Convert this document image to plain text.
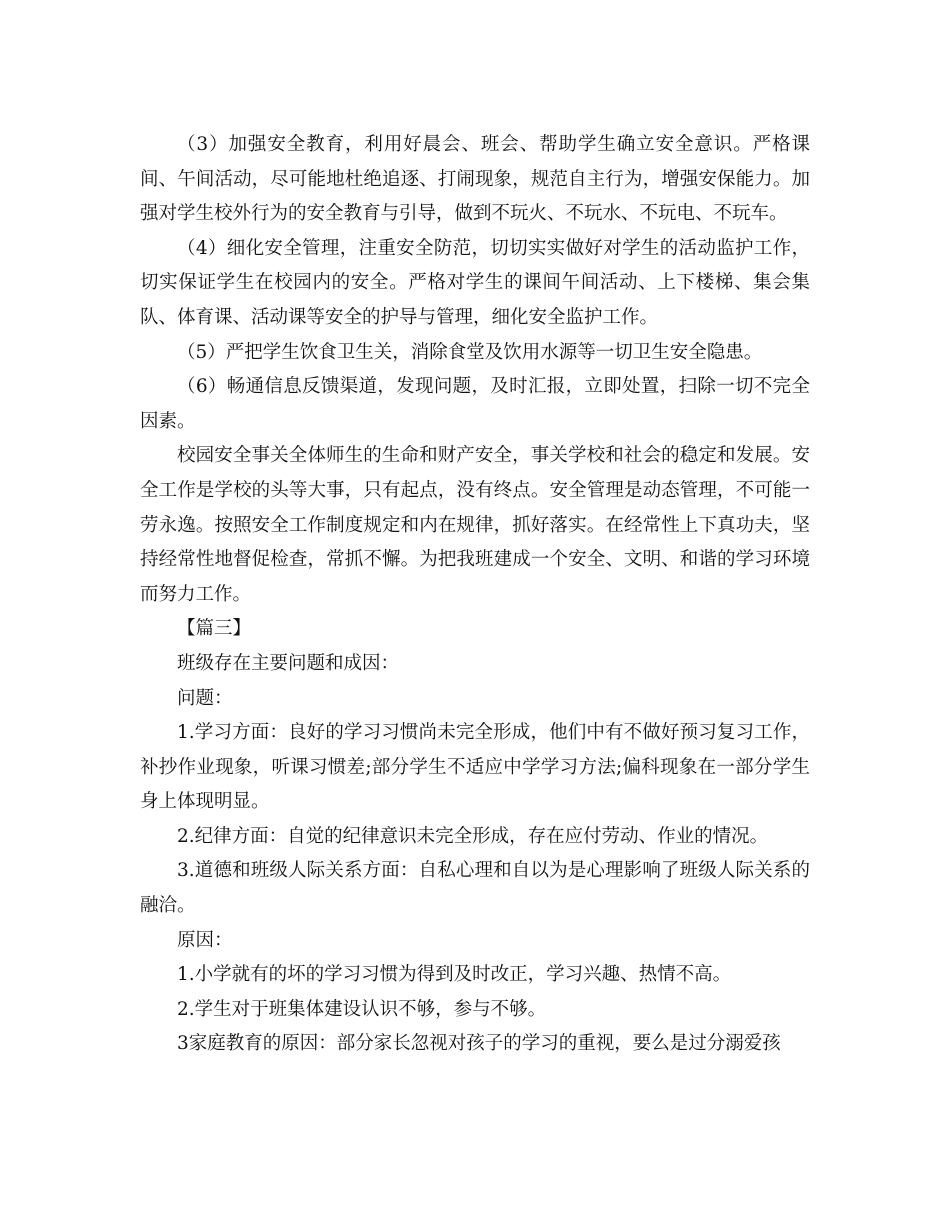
（3）加强安全教育，利用好晨会、班会、帮助学生确立安全意识。严格课间、午间活动，尽可能地杜绝追逐、打闹现象，规范自主行为，增强安保能力。加强对学生校外行为的安全教育与引导，做到不玩火、不玩水、不玩电、不玩车。

（4）细化安全管理，注重安全防范，切切实实做好对学生的活动监护工作，切实保证学生在校园内的安全。严格对学生的课间午间活动、上下楼梯、集会集队、体育课、活动课等安全的护导与管理，细化安全监护工作。

（5）严把学生饮食卫生关，消除食堂及饮用水源等一切卫生安全隐患。

（6）畅通信息反馈渠道，发现问题，及时汇报，立即处置，扫除一切不完全因素。

校园安全事关全体师生的生命和财产安全，事关学校和社会的稳定和发展。安全工作是学校的头等大事，只有起点，没有终点。安全管理是动态管理，不可能一劳永逸。按照安全工作制度规定和内在规律，抓好落实。在经常性上下真功夫，坚持经常性地督促检查，常抓不懈。为把我班建成一个安全、文明、和谐的学习环境而努力工作。

【篇三】

班级存在主要问题和成因：

问题：

1.学习方面：良好的学习习惯尚未完全形成，他们中有不做好预习复习工作，补抄作业现象，听课习惯差;部分学生不适应中学学习方法;偏科现象在一部分学生身上体现明显。

2.纪律方面：自觉的纪律意识未完全形成，存在应付劳动、作业的情况。

3.道德和班级人际关系方面：自私心理和自以为是心理影响了班级人际关系的融洽。

原因：

1.小学就有的坏的学习习惯为得到及时改正，学习兴趣、热情不高。

2.学生对于班集体建设认识不够，参与不够。

3家庭教育的原因：部分家长忽视对孩子的学习的重视，要么是过分溺爱孩
